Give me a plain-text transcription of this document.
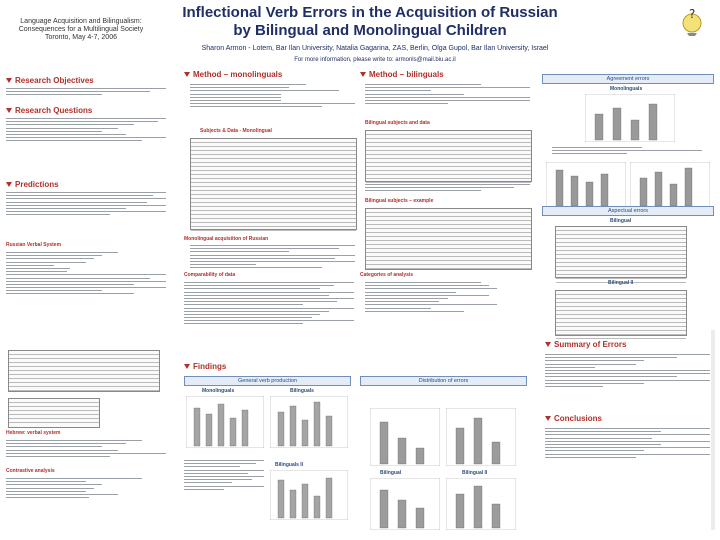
Language Acquisition and Bilingualism: Consequences for a Multilingual Society Toronto, May 4-7, 2006
Inflectional Verb Errors in the Acquisition of Russian
by Bilingual and Monolingual Children
Sharon Armon - Lotem, Bar Ilan University, Natalia Gagarina, ZAS, Berlin, Olga Gupol, Bar Ilan University, Israel
For more information, please write to: armonls@mail.biu.ac.il
?
Research Objectives
Research Questions
Predictions
Russian Verbal System
Hebrew: verbal system
Contrastive analysis
Method – monolinguals
Subjects & Data - Monolingual
Monolingual acquisition of Russian
Comparability of data
Method – bilinguals
Bilingual subjects and data
Bilingual subjects – example
Categories of analysis
Agreement errors
Monolinguals
Aspectual errors
Bilingual
Bilingual II
Summary of Errors
Conclusions
Findings
General verb production	Distribution of errors
Monolinguals	Bilinguals
Bilinguals II
Bilingual	Bilingual II
